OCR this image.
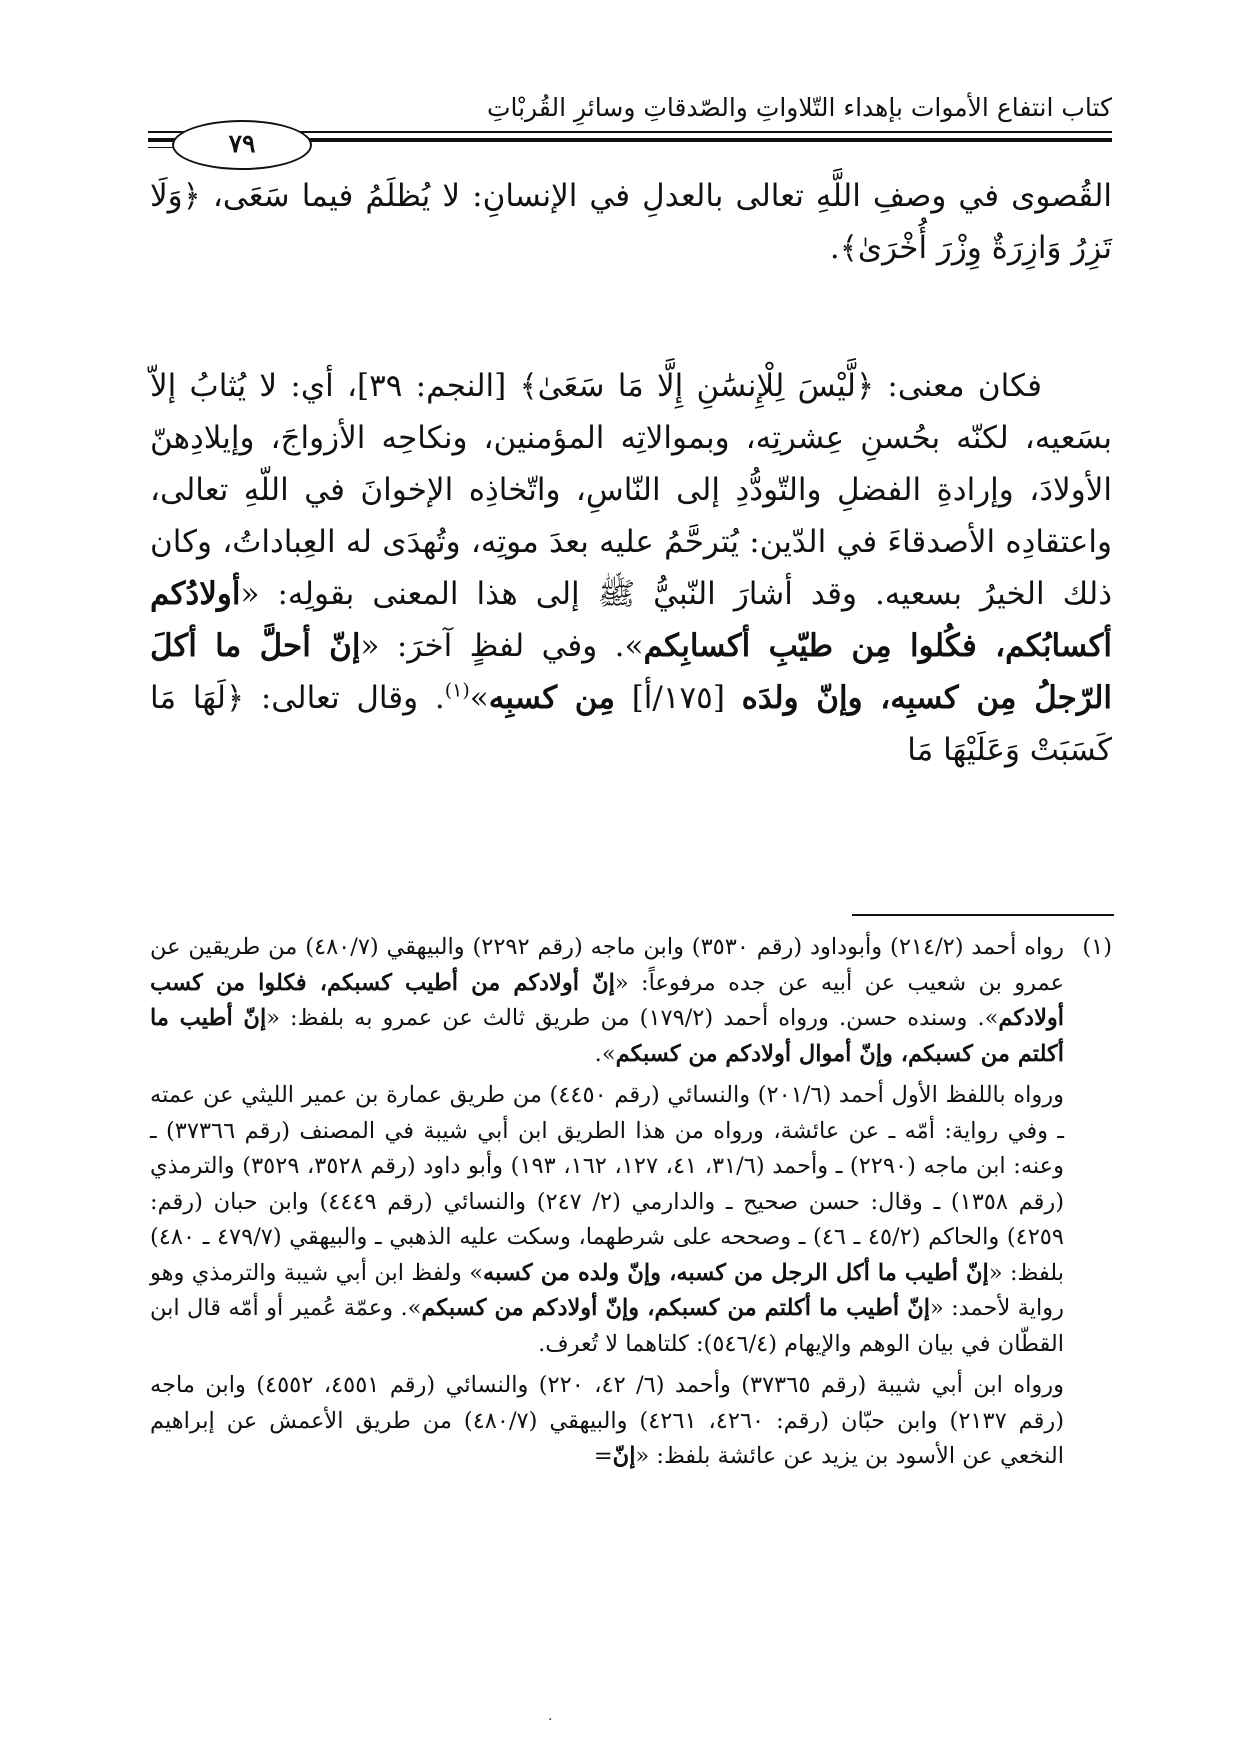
كتاب انتفاع الأموات بإهداء التّلاواتِ والصّدقاتِ وسائرِ القُربْاتِ
٧٩

القُصوى في وصفِ اللَّهِ تعالى بالعدلِ في الإنسانِ: لا يُظلَمُ فيما سَعَى، ﴿وَلَا تَزِرُ وَازِرَةٌ وِزْرَ أُخْرَىٰ﴾.

فكان معنى: ﴿لَّيْسَ لِلْإِنسَٰنِ إِلَّا مَا سَعَىٰ﴾ [النجم: ٣٩]، أي: لا يُثابُ إلاّ بسَعيه، لكنّه بحُسنِ عِشرتِه، وبموالاتِه المؤمنين، ونكاحِه الأزواجَ، وإيلادِهنّ الأولادَ، وإرادةِ الفضلِ والتّودُّدِ إلى النّاسِ، واتّخاذِه الإخوانَ في اللّهِ تعالى، واعتقادِه الأصدقاءَ في الدّين: يُترحَّمُ عليه بعدَ موتِه، وتُهدَى له العِباداتُ، وكان ذلك الخيرُ بسعيه. وقد أشارَ النّبيُّ ﷺ إلى هذا المعنى بقولِه: «أولادُكم أكسابُكم، فكُلوا مِن طيّبِ أكسابِكم». وفي لفظٍ آخرَ: «إنّ أحلَّ ما أكلَ الرّجلُ مِن كسبِه، وإنّ ولدَه [١٧٥/أ] مِن كسبِه»$^{(١)}$. وقال تعالى: ﴿لَهَا مَا كَسَبَتْ وَعَلَيْهَا مَا

(١)
رواه أحمد (٢١٤/٢) وأبوداود (رقم ٣٥٣٠) وابن ماجه (رقم ٢٢٩٢) والبيهقي (٤٨٠/٧) من طريقين عن عمرو بن شعيب عن أبيه عن جده مرفوعاً: «إنّ أولادكم من أطيب كسبكم، فكلوا من كسب أولادكم». وسنده حسن. ورواه أحمد (١٧٩/٢) من طريق ثالث عن عمرو به بلفظ: «إنّ أطيب ما أكلتم من كسبكم، وإنّ أموال أولادكم من كسبكم».

ورواه باللفظ الأول أحمد (٢٠١/٦) والنسائي (رقم ٤٤٥٠) من طريق عمارة بن عمير الليثي عن عمته ـ وفي رواية: أمّه ـ عن عائشة، ورواه من هذا الطريق ابن أبي شيبة في المصنف (رقم ٣٧٣٦٦) ـ وعنه: ابن ماجه (٢٢٩٠) ـ وأحمد (٣١/٦، ٤١، ١٢٧، ١٦٢، ١٩٣) وأبو داود (رقم ٣٥٢٨، ٣٥٢٩) والترمذي (رقم ١٣٥٨) ـ وقال: حسن صحيح ـ والدارمي (٢/ ٢٤٧) والنسائي (رقم ٤٤٤٩) وابن حبان (رقم: ٤٢٥٩) والحاكم (٤٥/٢ ـ ٤٦) ـ وصححه على شرطهما، وسكت عليه الذهبي ـ والبيهقي (٤٧٩/٧ ـ ٤٨٠) بلفظ: «إنّ أطيب ما أكل الرجل من كسبه، وإنّ ولده من كسبه» ولفظ ابن أبي شيبة والترمذي وهو رواية لأحمد: «إنّ أطيب ما أكلتم من كسبكم، وإنّ أولادكم من كسبكم». وعمّة عُمير أو أمّه قال ابن القطّان في بيان الوهم والإيهام (٥٤٦/٤): كلتاهما لا تُعرف.

ورواه ابن أبي شيبة (رقم ٣٧٣٦٥) وأحمد (٦/ ٤٢، ٢٢٠) والنسائي (رقم ٤٥٥١، ٤٥٥٢) وابن ماجه (رقم ٢١٣٧) وابن حبّان (رقم: ٤٢٦٠، ٤٢٦١) والبيهقي (٤٨٠/٧) من طريق الأعمش عن إبراهيم النخعي عن الأسود بن يزيد عن عائشة بلفظ: «إنّ=

·
